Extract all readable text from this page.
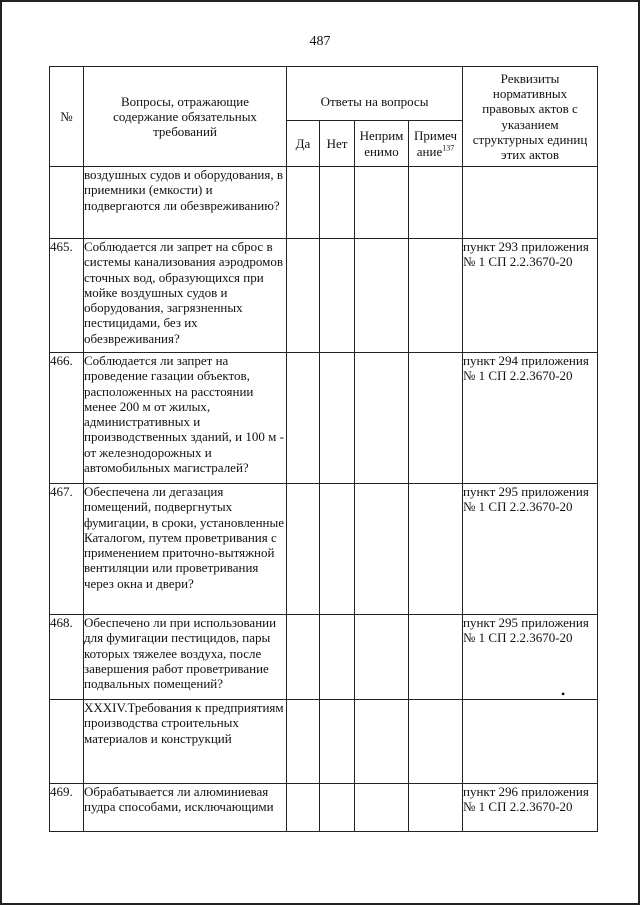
487
№	Вопросы, отражающие содержание обязательных требований	Ответы на вопросы				Реквизиты нормативных правовых актов с указанием структурных единиц этих актов
		Да	Нет	Неприм енимо	Примеч ание$^{137}$
	воздушных судов и оборудования, в приемники (емкости) и подвергаются ли обезвреживанию?					
465.	Соблюдается ли запрет на сброс в системы канализования аэродромов сточных вод, образующихся при мойке воздушных судов и оборудования, загрязненных пестицидами, без их обезвреживания?					пункт 293 приложения № 1 СП 2.2.3670-20
466.	Соблюдается ли запрет на проведение газации объектов, расположенных на расстоянии менее 200 м от жилых, административных и производственных зданий, и 100 м - от железнодорожных и автомобильных магистралей?					пункт 294 приложения № 1 СП 2.2.3670-20
467.	Обеспечена ли дегазация помещений, подвергнутых фумигации, в сроки, установленные Каталогом, путем проветривания с применением приточно-вытяжной вентиляции или проветривания через окна и двери?					пункт 295 приложения № 1 СП 2.2.3670-20
468.	Обеспечено ли при использовании для фумигации пестицидов, пары которых тяжелее воздуха, после завершения работ проветривание подвальных помещений?					пункт 295 приложения № 1 СП 2.2.3670-20
	XXXIV.Требования к предприятиям производства строительных материалов и конструкций					
469.	Обрабатывается ли алюминиевая пудра способами, исключающими					пункт 296 приложения № 1 СП 2.2.3670-20
•
